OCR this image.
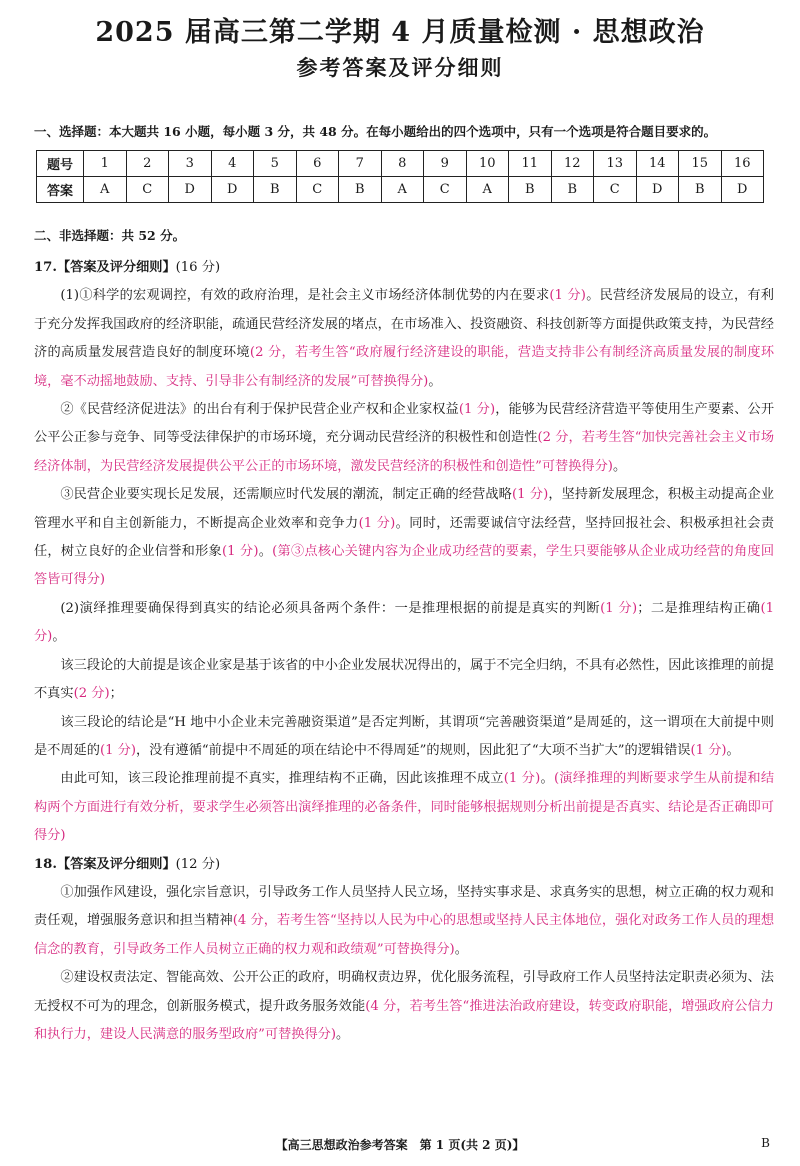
2025 届高三第二学期 4 月质量检测 · 思想政治
参考答案及评分细则
一、选择题：本大题共 16 小题，每小题 3 分，共 48 分。在每小题给出的四个选项中，只有一个选项是符合题目要求的。
题号	1	2	3	4	5	6	7	8	9	10	11	12	13	14	15	16
答案	A	C	D	D	B	C	B	A	C	A	B	B	C	D	B	D
二、非选择题：共 52 分。

17.【答案及评分细则】(16 分)

(1)①科学的宏观调控，有效的政府治理，是社会主义市场经济体制优势的内在要求(1 分)。民营经济发展局的设立，有利于充分发挥我国政府的经济职能，疏通民营经济发展的堵点，在市场准入、投资融资、科技创新等方面提供政策支持，为民营经济的高质量发展营造良好的制度环境(2 分，若考生答“政府履行经济建设的职能，营造支持非公有制经济高质量发展的制度环境，毫不动摇地鼓励、支持、引导非公有制经济的发展”可替换得分)。

②《民营经济促进法》的出台有利于保护民营企业产权和企业家权益(1 分)，能够为民营经济营造平等使用生产要素、公开公平公正参与竞争、同等受法律保护的市场环境，充分调动民营经济的积极性和创造性(2 分，若考生答“加快完善社会主义市场经济体制，为民营经济发展提供公平公正的市场环境，激发民营经济的积极性和创造性”可替换得分)。

③民营企业要实现长足发展，还需顺应时代发展的潮流，制定正确的经营战略(1 分)，坚持新发展理念，积极主动提高企业管理水平和自主创新能力，不断提高企业效率和竞争力(1 分)。同时，还需要诚信守法经营，坚持回报社会、积极承担社会责任，树立良好的企业信誉和形象(1 分)。(第③点核心关键内容为企业成功经营的要素，学生只要能够从企业成功经营的角度回答皆可得分)

(2)演绎推理要确保得到真实的结论必须具备两个条件：一是推理根据的前提是真实的判断(1 分)；二是推理结构正确(1 分)。

该三段论的大前提是该企业家是基于该省的中小企业发展状况得出的，属于不完全归纳，不具有必然性，因此该推理的前提不真实(2 分)；

该三段论的结论是“H 地中小企业未完善融资渠道”是否定判断，其谓项“完善融资渠道”是周延的，这一谓项在大前提中则是不周延的(1 分)，没有遵循“前提中不周延的项在结论中不得周延”的规则，因此犯了“大项不当扩大”的逻辑错误(1 分)。

由此可知，该三段论推理前提不真实，推理结构不正确，因此该推理不成立(1 分)。(演绎推理的判断要求学生从前提和结构两个方面进行有效分析，要求学生必须答出演绎推理的必备条件，同时能够根据规则分析出前提是否真实、结论是否正确即可得分)

18.【答案及评分细则】(12 分)

①加强作风建设，强化宗旨意识，引导政务工作人员坚持人民立场，坚持实事求是、求真务实的思想，树立正确的权力观和责任观，增强服务意识和担当精神(4 分，若考生答“坚持以人民为中心的思想或坚持人民主体地位，强化对政务工作人员的理想信念的教育，引导政务工作人员树立正确的权力观和政绩观”可替换得分)。

②建设权责法定、智能高效、公开公正的政府，明确权责边界，优化服务流程，引导政府工作人员坚持法定职责必须为、法无授权不可为的理念，创新服务模式，提升政务服务效能(4 分，若考生答“推进法治政府建设，转变政府职能，增强政府公信力和执行力，建设人民满意的服务型政府”可替换得分)。

【高三思想政治参考答案　第 1 页(共 2 页)】	B
